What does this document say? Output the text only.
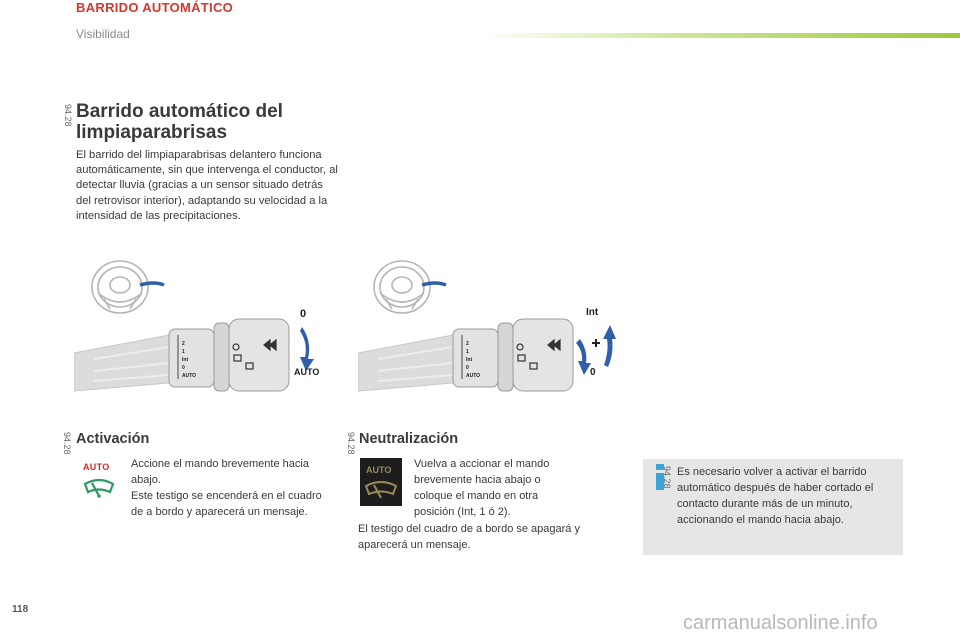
BARRIDO AUTOMÁTICO
Visibilidad
94.28 Barrido automático del limpiaparabrisas
El barrido del limpiaparabrisas delantero funciona automáticamente, sin que intervenga el conductor, al detectar lluvia (gracias a un sensor situado detrás del retrovisor interior), adaptando su velocidad a la intensidad de las precipitaciones.
2
1
Int
0
AUTO
0
AUTO
2
1
Int
0
AUTO
Int
0
94.28 Activación
AUTO Accione el mando brevemente hacia abajo.
Este testigo se encenderá en el cuadro de a bordo y aparecerá un mensaje.
94.28 Neutralización
AUTO Vuelva a accionar el mando brevemente hacia abajo o coloque el mando en otra posición (Int, 1 ó 2).
El testigo del cuadro de a bordo se apagará y aparecerá un mensaje.
94.28 Es necesario volver a activar el barrido automático después de haber cortado el contacto durante más de un minuto, accionando el mando hacia abajo.
118
carmanualsonline.info
